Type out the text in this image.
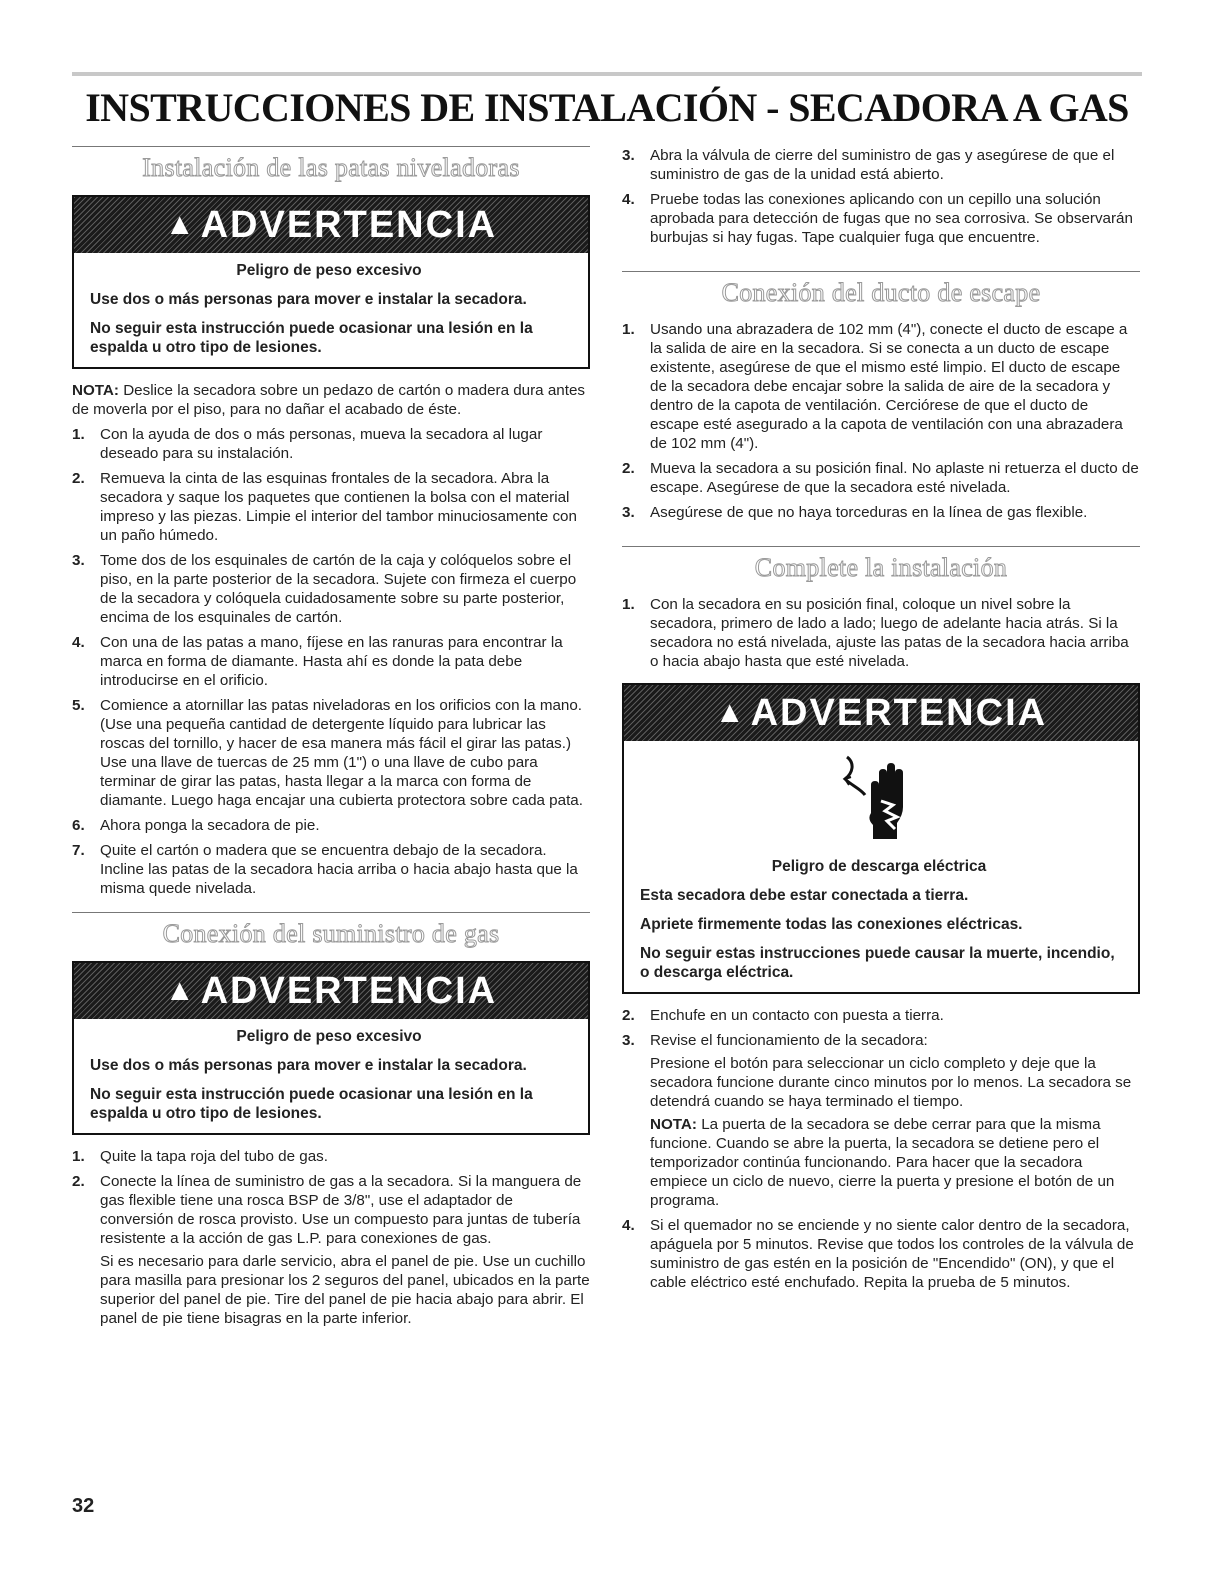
INSTRUCCIONES DE INSTALACIÓN - SECADORA A GAS
Instalación de las patas niveladoras
▲ ADVERTENCIA
Peligro de peso excesivo

Use dos o más personas para mover e instalar la secadora.

No seguir esta instrucción puede ocasionar una lesión en la espalda u otro tipo de lesiones.

NOTA: Deslice la secadora sobre un pedazo de cartón o madera dura antes de moverla por el piso, para no dañar el acabado de éste.

1. Con la ayuda de dos o más personas, mueva la secadora al lugar deseado para su instalación.
2. Remueva la cinta de las esquinas frontales de la secadora. Abra la secadora y saque los paquetes que contienen la bolsa con el material impreso y las piezas. Limpie el interior del tambor minuciosamente con un paño húmedo.
3. Tome dos de los esquinales de cartón de la caja y colóquelos sobre el piso, en la parte posterior de la secadora. Sujete con firmeza el cuerpo de la secadora y colóquela cuidadosamente sobre su parte posterior, encima de los esquinales de cartón.
4. Con una de las patas a mano, fíjese en las ranuras para encontrar la marca en forma de diamante. Hasta ahí es donde la pata debe introducirse en el orificio.
5. Comience a atornillar las patas niveladoras en los orificios con la mano. (Use una pequeña cantidad de detergente líquido para lubricar las roscas del tornillo, y hacer de esa manera más fácil el girar las patas.) Use una llave de tuercas de 25 mm (1") o una llave de cubo para terminar de girar las patas, hasta llegar a la marca con forma de diamante. Luego haga encajar una cubierta protectora sobre cada pata.
6. Ahora ponga la secadora de pie.
7. Quite el cartón o madera que se encuentra debajo de la secadora. Incline las patas de la secadora hacia arriba o hacia abajo hasta que la misma quede nivelada.
Conexión del suministro de gas
▲ ADVERTENCIA
Peligro de peso excesivo

Use dos o más personas para mover e instalar la secadora.

No seguir esta instrucción puede ocasionar una lesión en la espalda u otro tipo de lesiones.

1. Quite la tapa roja del tubo de gas.
2. Conecte la línea de suministro de gas a la secadora. Si la manguera de gas flexible tiene una rosca BSP de 3/8", use el adaptador de conversión de rosca provisto. Use un compuesto para juntas de tubería resistente a la acción de gas L.P. para conexiones de gas.
Si es necesario para darle servicio, abra el panel de pie. Use un cuchillo para masilla para presionar los 2 seguros del panel, ubicados en la parte superior del panel de pie. Tire del panel de pie hacia abajo para abrir. El panel de pie tiene bisagras en la parte inferior.
3. Abra la válvula de cierre del suministro de gas y asegúrese de que el suministro de gas de la unidad está abierto.
4. Pruebe todas las conexiones aplicando con un cepillo una solución aprobada para detección de fugas que no sea corrosiva. Se observarán burbujas si hay fugas. Tape cualquier fuga que encuentre.
Conexión del ducto de escape
1. Usando una abrazadera de 102 mm (4"), conecte el ducto de escape a la salida de aire en la secadora. Si se conecta a un ducto de escape existente, asegúrese de que el mismo esté limpio. El ducto de escape de la secadora debe encajar sobre la salida de aire de la secadora y dentro de la capota de ventilación. Cerciórese de que el ducto de escape esté asegurado a la capota de ventilación con una abrazadera de 102 mm (4").
2. Mueva la secadora a su posición final. No aplaste ni retuerza el ducto de escape. Asegúrese de que la secadora esté nivelada.
3. Asegúrese de que no haya torceduras en la línea de gas flexible.
Complete la instalación
1. Con la secadora en su posición final, coloque un nivel sobre la secadora, primero de lado a lado; luego de adelante hacia atrás. Si la secadora no está nivelada, ajuste las patas de la secadora hacia arriba o hacia abajo hasta que esté nivelada.
▲ ADVERTENCIA
Peligro de descarga eléctrica

Esta secadora debe estar conectada a tierra.

Apriete firmemente todas las conexiones eléctricas.

No seguir estas instrucciones puede causar la muerte, incendio, o descarga eléctrica.

2. Enchufe en un contacto con puesta a tierra.
3. Revise el funcionamiento de la secadora:
Presione el botón para seleccionar un ciclo completo y deje que la secadora funcione durante cinco minutos por lo menos. La secadora se detendrá cuando se haya terminado el tiempo.
NOTA: La puerta de la secadora se debe cerrar para que la misma funcione. Cuando se abre la puerta, la secadora se detiene pero el temporizador continúa funcionando. Para hacer que la secadora empiece un ciclo de nuevo, cierre la puerta y presione el botón de un programa.
4. Si el quemador no se enciende y no siente calor dentro de la secadora, apáguela por 5 minutos. Revise que todos los controles de la válvula de suministro de gas estén en la posición de "Encendido" (ON), y que el cable eléctrico esté enchufado. Repita la prueba de 5 minutos.
32
